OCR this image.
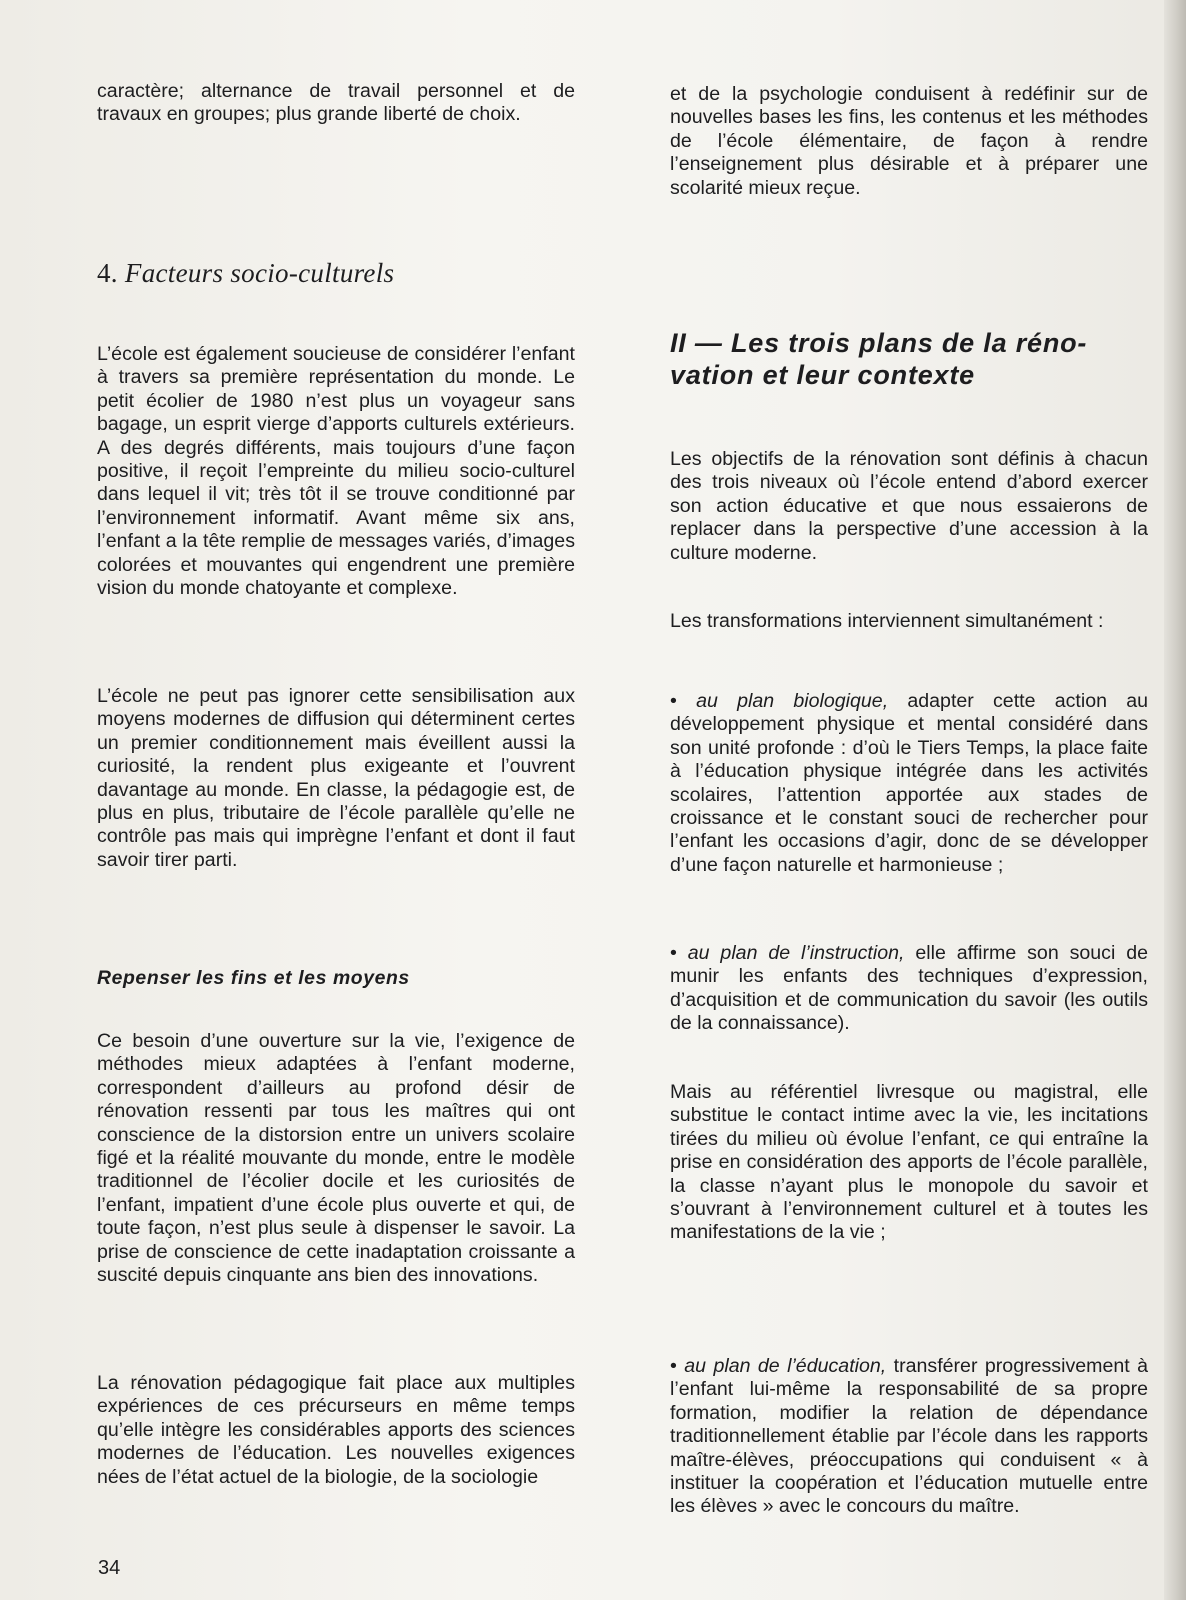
caractère; alternance de travail personnel et de travaux en groupes; plus grande liberté de choix.

4. Facteurs socio-culturels

L’école est également soucieuse de considérer l’enfant à travers sa première représentation du monde. Le petit écolier de 1980 n’est plus un voyageur sans bagage, un esprit vierge d’apports culturels extérieurs. A des degrés différents, mais toujours d’une façon positive, il reçoit l’empreinte du milieu socio-culturel dans lequel il vit; très tôt il se trouve conditionné par l’environnement informatif. Avant même six ans, l’enfant a la tête remplie de messages variés, d’images colorées et mouvantes qui engendrent une première vision du monde chatoyante et complexe.

L’école ne peut pas ignorer cette sensibilisation aux moyens modernes de diffusion qui déterminent certes un premier conditionnement mais éveillent aussi la curiosité, la rendent plus exigeante et l’ouvrent davantage au monde. En classe, la pédagogie est, de plus en plus, tributaire de l’école parallèle qu’elle ne contrôle pas mais qui imprègne l’enfant et dont il faut savoir tirer parti.

Repenser les fins et les moyens

Ce besoin d’une ouverture sur la vie, l’exigence de méthodes mieux adaptées à l’enfant moderne, correspondent d’ailleurs au profond désir de rénovation ressenti par tous les maîtres qui ont conscience de la distorsion entre un univers scolaire figé et la réalité mouvante du monde, entre le modèle traditionnel de l’écolier docile et les curiosités de l’enfant, impatient d’une école plus ouverte et qui, de toute façon, n’est plus seule à dispenser le savoir. La prise de conscience de cette inadaptation croissante a suscité depuis cinquante ans bien des innovations.

La rénovation pédagogique fait place aux multiples expériences de ces précurseurs en même temps qu’elle intègre les considérables apports des sciences modernes de l’éducation. Les nouvelles exigences nées de l’état actuel de la biologie, de la sociologie

et de la psychologie conduisent à redéfinir sur de nouvelles bases les fins, les contenus et les méthodes de l’école élémentaire, de façon à rendre l’enseignement plus désirable et à préparer une scolarité mieux reçue.

II — Les trois plans de la réno-
vation et leur contexte

Les objectifs de la rénovation sont définis à chacun des trois niveaux où l’école entend d’abord exercer son action éducative et que nous essaierons de replacer dans la perspective d’une accession à la culture moderne.

Les transformations interviennent simultanément :

• au plan biologique, adapter cette action au développement physique et mental considéré dans son unité profonde : d’où le Tiers Temps, la place faite à l’éducation physique intégrée dans les activités scolaires, l’attention apportée aux stades de croissance et le constant souci de rechercher pour l’enfant les occasions d’agir, donc de se développer d’une façon naturelle et harmonieuse ;

• au plan de l’instruction, elle affirme son souci de munir les enfants des techniques d’expression, d’acquisition et de communication du savoir (les outils de la connaissance).

Mais au référentiel livresque ou magistral, elle substitue le contact intime avec la vie, les incitations tirées du milieu où évolue l’enfant, ce qui entraîne la prise en considération des apports de l’école parallèle, la classe n’ayant plus le monopole du savoir et s’ouvrant à l’environnement culturel et à toutes les manifestations de la vie ;

• au plan de l’éducation, transférer progressivement à l’enfant lui-même la responsabilité de sa propre formation, modifier la relation de dépendance traditionnellement établie par l’école dans les rapports maître-élèves, préoccupations qui conduisent « à instituer la coopération et l’éducation mutuelle entre les élèves » avec le concours du maître.

34
